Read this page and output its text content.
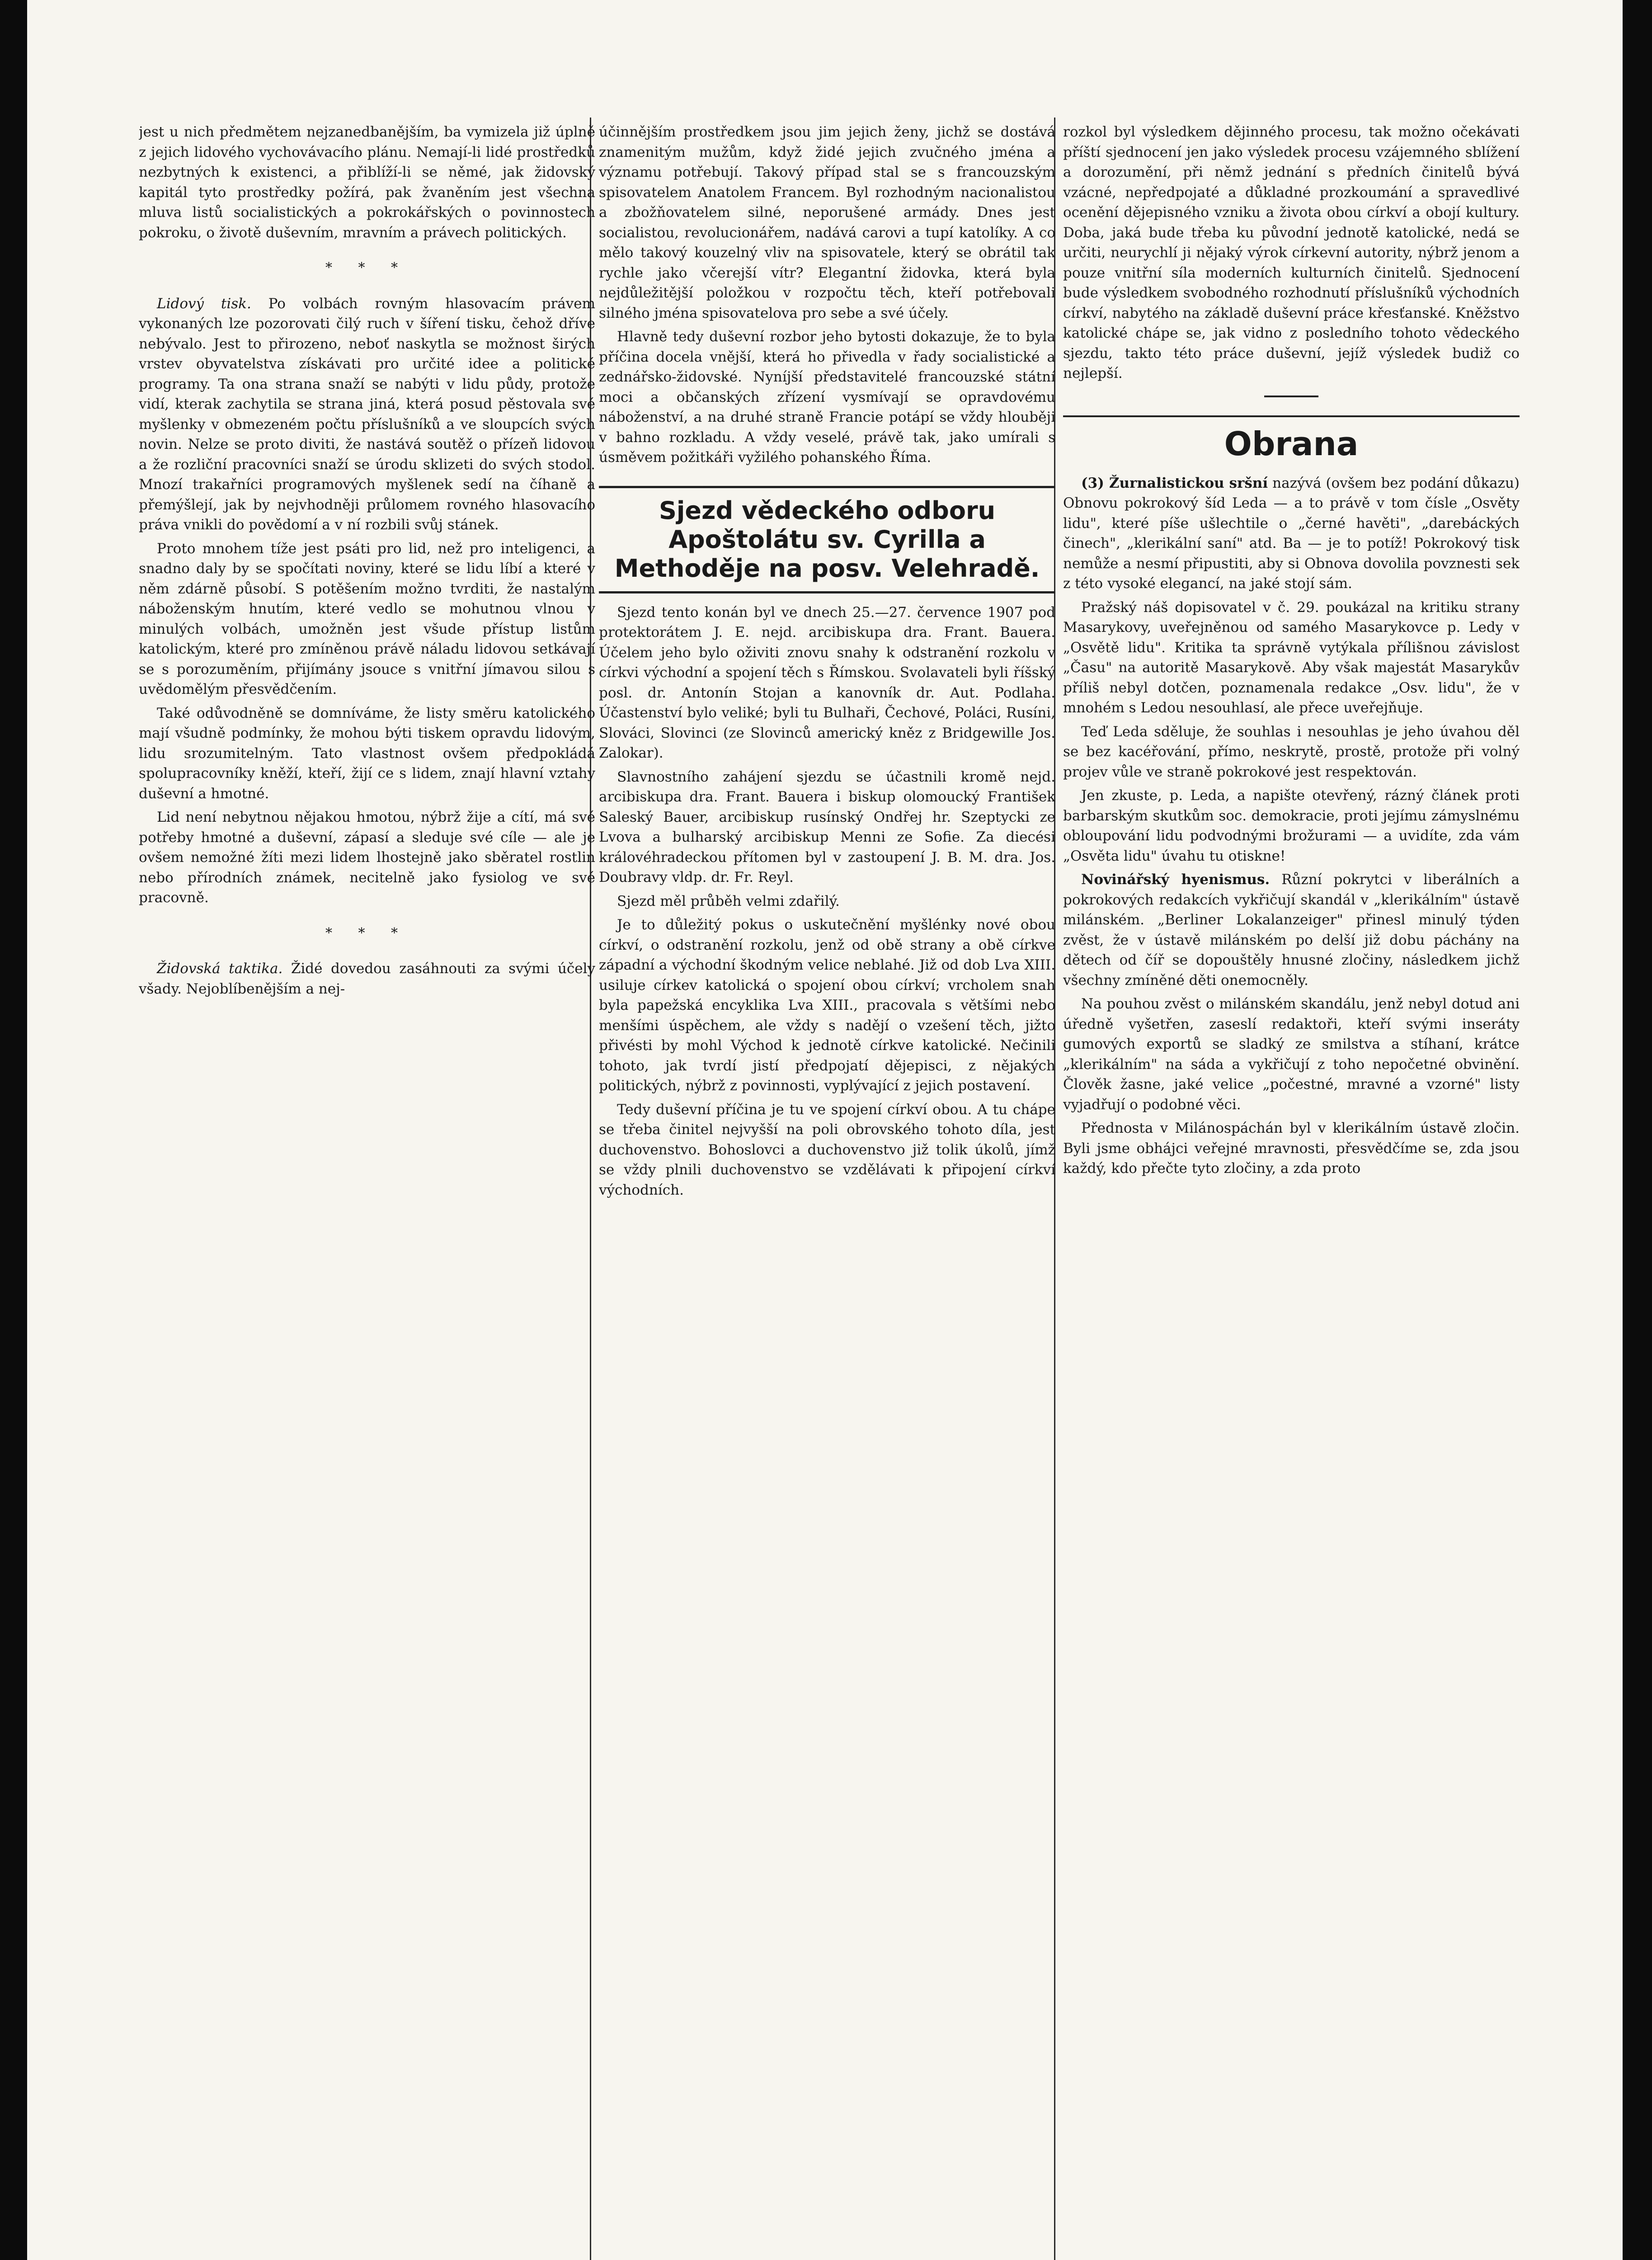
jest u nich předmětem nejzanedbanějším, ba vymizela již úplně z jejich lidového vychovávacího plánu. Nemají-li lidé prostředků nezbytných k existenci, a přiblíží-li se němé, jak židovský kapitál tyto prostředky požírá, pak žvaněním jest všechna mluva listů socialistických a pokrokářských o povinnostech pokroku, o životě duševním, mravním a právech politických.

* * *

Lidový tisk. Po volbách rovným hlasovacím právem vykonaných lze pozorovati čilý ruch v šíření tisku, čehož dříve nebývalo. Jest to přirozeno, neboť naskytla se možnost širých vrstev obyvatelstva získávati pro určité idee a politické programy. Ta ona strana snaží se nabýti v lidu půdy, protože vidí, kterak zachytila se strana jiná, která posud pěstovala své myšlenky v obmezeném počtu příslušníků a ve sloupcích svých novin. Nelze se proto diviti, že nastává soutěž o přízeň lidovou a že rozliční pracovníci snaží se úrodu sklizeti do svých stodol. Mnozí trakařníci programových myšlenek sedí na číhaně a přemýšlejí, jak by nejvhodněji průlomem rovného hlasovacího práva vnikli do povědomí a v ní rozbili svůj stánek.

Proto mnohem tíže jest psáti pro lid, než pro inteligenci, a snadno daly by se spočítati noviny, které se lidu líbí a které v něm zdárně působí. S potěšením možno tvrditi, že nastalým náboženským hnutím, které vedlo se mohutnou vlnou v minulých volbách, umožněn jest všude přístup listům katolickým, které pro zmíněnou právě náladu lidovou setkávají se s porozuměním, přijímány jsouce s vnitřní jímavou silou s uvědomělým přesvědčením.

Také odůvodněně se domníváme, že listy směru katolického mají všudně podmínky, že mohou býti tiskem opravdu lidovým, lidu srozumitelným. Tato vlastnost ovšem předpokládá spolupracovníky kněží, kteří, žijí ce s lidem, znají hlavní vztahy duševní a hmotné.

Lid není nebytnou nějakou hmotou, nýbrž žije a cítí, má své potřeby hmotné a duševní, zápasí a sleduje své cíle — ale je ovšem nemožné žíti mezi lidem lhostejně jako sběratel rostlin nebo přírodních známek, necitelně jako fysiolog ve své pracovně.

* * *

Židovská taktika. Židé dovedou zasáhnouti za svými účely všady. Nejoblíbenějším a nej-

účinnějším prostředkem jsou jim jejich ženy, jichž se dostává znamenitým mužům, když židé jejich zvučného jména a významu potřebují. Takový případ stal se s francouzským spisovatelem Anatolem Francem. Byl rozhodným nacionalistou a zbožňovatelem silné, neporušené armády. Dnes jest socialistou, revolucionářem, nadává carovi a tupí katolíky. A co mělo takový kouzelný vliv na spisovatele, který se obrátil tak rychle jako včerejší vítr? Elegantní židovka, která byla nejdůležitější položkou v rozpočtu těch, kteří potřebovali silného jména spisovatelova pro sebe a své účely.

Hlavně tedy duševní rozbor jeho bytosti dokazuje, že to byla příčina docela vnější, která ho přivedla v řady socialistické a zednářsko-židovské. Nyníjší představitelé francouzské státní moci a občanských zřízení vysmívají se opravdovému náboženství, a na druhé straně Francie potápí se vždy hlouběji v bahno rozkladu. A vždy veselé, právě tak, jako umírali s úsměvem požitkáři vyžilého pohanského Říma.

Sjezd vědeckého odboru Apoštolátu sv. Cyrilla a Methoděje na posv. Velehradě.

Sjezd tento konán byl ve dnech 25.—27. července 1907 pod protektorátem J. E. nejd. arcibiskupa dra. Frant. Bauera. Účelem jeho bylo oživiti znovu snahy k odstranění rozkolu v církvi východní a spojení těch s Římskou. Svolavateli byli říšský posl. dr. Antonín Stojan a kanovník dr. Aut. Podlaha. Účastenství bylo veliké; byli tu Bulhaři, Čechové, Poláci, Rusíni, Slováci, Slovinci (ze Slovinců americký kněz z Bridgewille Jos. Zalokar).

Slavnostního zahájení sjezdu se účastnili kromě nejd. arcibiskupa dra. Frant. Bauera i biskup olomoucký František Saleský Bauer, arcibiskup rusínský Ondřej hr. Szeptycki ze Lvova a bulharský arcibiskup Menni ze Sofie. Za diecési královéhradeckou přítomen byl v zastoupení J. B. M. dra. Jos. Doubravy vldp. dr. Fr. Reyl.

Sjezd měl průběh velmi zdařilý.

Je to důležitý pokus o uskutečnění myšlénky nové obou církví, o odstranění rozkolu, jenž od obě strany a obě církve západní a východní škodným velice neblahé. Již od dob Lva XIII. usiluje církev katolická o spojení obou církví; vrcholem snah byla papežská encyklika Lva XIII., pracovala s většími nebo menšími úspěchem, ale vždy s nadějí o vzešení těch, jižto přivésti by mohl Východ k jednotě církve katolické. Nečinili tohoto, jak tvrdí jistí předpojatí dějepisci, z nějakých politických, nýbrž z povinnosti, vyplývající z jejich postavení.

Tedy duševní příčina je tu ve spojení církví obou. A tu chápe se třeba činitel nejvyšší na poli obrovského tohoto díla, jest duchovenstvo. Bohoslovci a duchovenstvo již tolik úkolů, jímž se vždy plnili duchovenstvo se vzdělávati k připojení církví východních.

rozkol byl výsledkem dějinného procesu, tak možno očekávati příští sjednocení jen jako výsledek procesu vzájemného sblížení a dorozumění, při němž jednání s předních činitelů bývá vzácné, nepředpojaté a důkladné prozkoumání a spravedlivé ocenění dějepisného vzniku a života obou církví a obojí kultury. Doba, jaká bude třeba ku původní jednotě katolické, nedá se určiti, neurychlí ji nějaký výrok církevní autority, nýbrž jenom a pouze vnitřní síla moderních kulturních činitelů. Sjednocení bude výsledkem svobodného rozhodnutí příslušníků východních církví, nabytého na základě duševní práce křesťanské. Kněžstvo katolické chápe se, jak vidno z posledního tohoto vědeckého sjezdu, takto této práce duševní, jejíž výsledek budiž co nejlepší.

Obrana

(3) Žurnalistickou sršní nazývá (ovšem bez podání důkazu) Obnovu pokrokový šíd Leda — a to právě v tom čísle „Osvěty lidu", které píše ušlechtile o „černé havěti", „darebáckých činech", „klerikální saní" atd. Ba — je to potíž! Pokrokový tisk nemůže a nesmí připustiti, aby si Obnova dovolila povznesti sek z této vysoké elegancí, na jaké stojí sám.

Pražský náš dopisovatel v č. 29. poukázal na kritiku strany Masarykovy, uveřejněnou od samého Masarykovce p. Ledy v „Osvětě lidu". Kritika ta správně vytýkala přílišnou závislost „Času" na autoritě Masarykově. Aby však majestát Masarykův příliš nebyl dotčen, poznamenala redakce „Osv. lidu", že v mnohém s Ledou nesouhlasí, ale přece uveřejňuje.

Teď Leda sděluje, že souhlas i nesouhlas je jeho úvahou děl se bez kacéřování, přímo, neskrytě, prostě, protože při volný projev vůle ve straně pokrokové jest respektován.

Jen zkuste, p. Leda, a napište otevřený, rázný článek proti barbarským skutkům soc. demokracie, proti jejímu zámyslnému obloupování lidu podvodnými brožurami — a uvidíte, zda vám „Osvěta lidu" úvahu tu otiskne!

Novinářský hyenismus. Různí pokrytci v liberálních a pokrokových redakcích vykřičují skandál v „klerikálním" ústavě milánském. „Berliner Lokalanzeiger" přinesl minulý týden zvěst, že v ústavě milánském po delší již dobu páchány na dětech od číř se dopouštěly hnusné zločiny, následkem jichž všechny zmíněné děti onemocněly.

Na pouhou zvěst o milánském skandálu, jenž nebyl dotud ani úředně vyšetřen, zaseslí redaktoři, kteří svými inseráty gumových exportů se sladký ze smilstva a stíhaní, krátce „klerikálním" na sáda a vykřičují z toho nepočetné obvinění. Člověk žasne, jaké velice „počestné, mravné a vzorné" listy vyjadřují o podobné věci.

Přednosta v Milánospáchán byl v klerikálním ústavě zločin. Byli jsme obhájci veřejné mravnosti, přesvědčíme se, zda jsou každý, kdo přečte tyto zločiny, a zda proto
